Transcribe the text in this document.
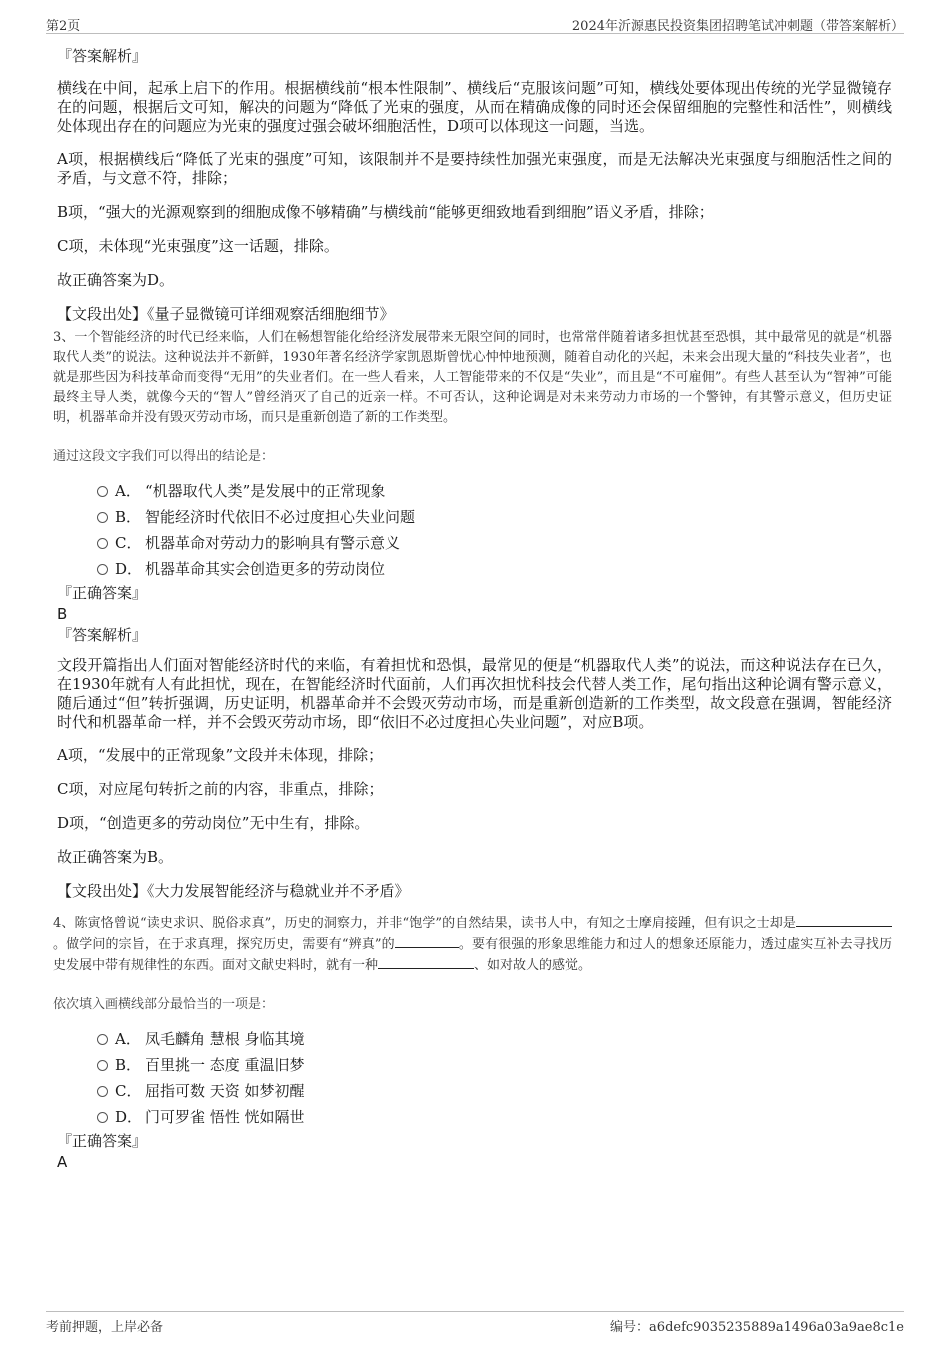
第2页	2024年沂源惠民投资集团招聘笔试冲刺题（带答案解析）

『答案解析』

横线在中间，起承上启下的作用。根据横线前“根本性限制”、横线后“克服该问题”可知，横线处要体现出传统的光学显微镜存在的问题，根据后文可知，解决的问题为“降低了光束的强度，从而在精确成像的同时还会保留细胞的完整性和活性”，则横线处体现出存在的问题应为光束的强度过强会破坏细胞活性，D项可以体现这一问题，当选。

A项，根据横线后“降低了光束的强度”可知，该限制并不是要持续性加强光束强度，而是无法解决光束强度与细胞活性之间的矛盾，与文意不符，排除；

B项，“强大的光源观察到的细胞成像不够精确”与横线前“能够更细致地看到细胞”语义矛盾，排除；

C项，未体现“光束强度”这一话题，排除。

故正确答案为D。

【文段出处】《量子显微镜可详细观察活细胞细节》

3、一个智能经济的时代已经来临，人们在畅想智能化给经济发展带来无限空间的同时，也常常伴随着诸多担忧甚至恐惧，其中最常见的就是“机器取代人类”的说法。这种说法并不新鲜，1930年著名经济学家凯恩斯曾忧心忡忡地预测，随着自动化的兴起，未来会出现大量的“科技失业者”，也就是那些因为科技革命而变得“无用”的失业者们。在一些人看来，人工智能带来的不仅是“失业”，而且是“不可雇佣”。有些人甚至认为“智神”可能最终主导人类，就像今天的“智人”曾经消灭了自己的近亲一样。不可否认，这种论调是对未来劳动力市场的一个警钟，有其警示意义，但历史证明，机器革命并没有毁灭劳动市场，而只是重新创造了新的工作类型。

通过这段文字我们可以得出的结论是：

A． “机器取代人类”是发展中的正常现象
B． 智能经济时代依旧不必过度担心失业问题
C． 机器革命对劳动力的影响具有警示意义
D． 机器革命其实会创造更多的劳动岗位

『正确答案』

B

『答案解析』

文段开篇指出人们面对智能经济时代的来临，有着担忧和恐惧，最常见的便是“机器取代人类”的说法，而这种说法存在已久，在1930年就有人有此担忧，现在，在智能经济时代面前，人们再次担忧科技会代替人类工作，尾句指出这种论调有警示意义，随后通过“但”转折强调，历史证明，机器革命并不会毁灭劳动市场，而是重新创造新的工作类型，故文段意在强调，智能经济时代和机器革命一样，并不会毁灭劳动市场，即“依旧不必过度担心失业问题”，对应B项。

A项，“发展中的正常现象”文段并未体现，排除；

C项，对应尾句转折之前的内容，非重点，排除；

D项，“创造更多的劳动岗位”无中生有，排除。

故正确答案为B。

【文段出处】《大力发展智能经济与稳就业并不矛盾》

4、陈寅恪曾说“读史求识、脱俗求真”，历史的洞察力，并非“饱学”的自然结果，读书人中，有知之士摩肩接踵，但有识之士却是。做学问的宗旨，在于求真理，探究历史，需要有“辨真”的	。要有很强的形象思维能力和过人的想象还原能力，透过虚实互补去寻找历史发展中带有规律性的东西。面对文献史料时，就有一种	、如对故人的感觉。

依次填入画横线部分最恰当的一项是：

A． 凤毛麟角 慧根 身临其境
B． 百里挑一 态度 重温旧梦
C． 屈指可数 天资 如梦初醒
D． 门可罗雀 悟性 恍如隔世

『正确答案』

A

考前押题，上岸必备	编号：a6defc9035235889a1496a03a9ae8c1e
